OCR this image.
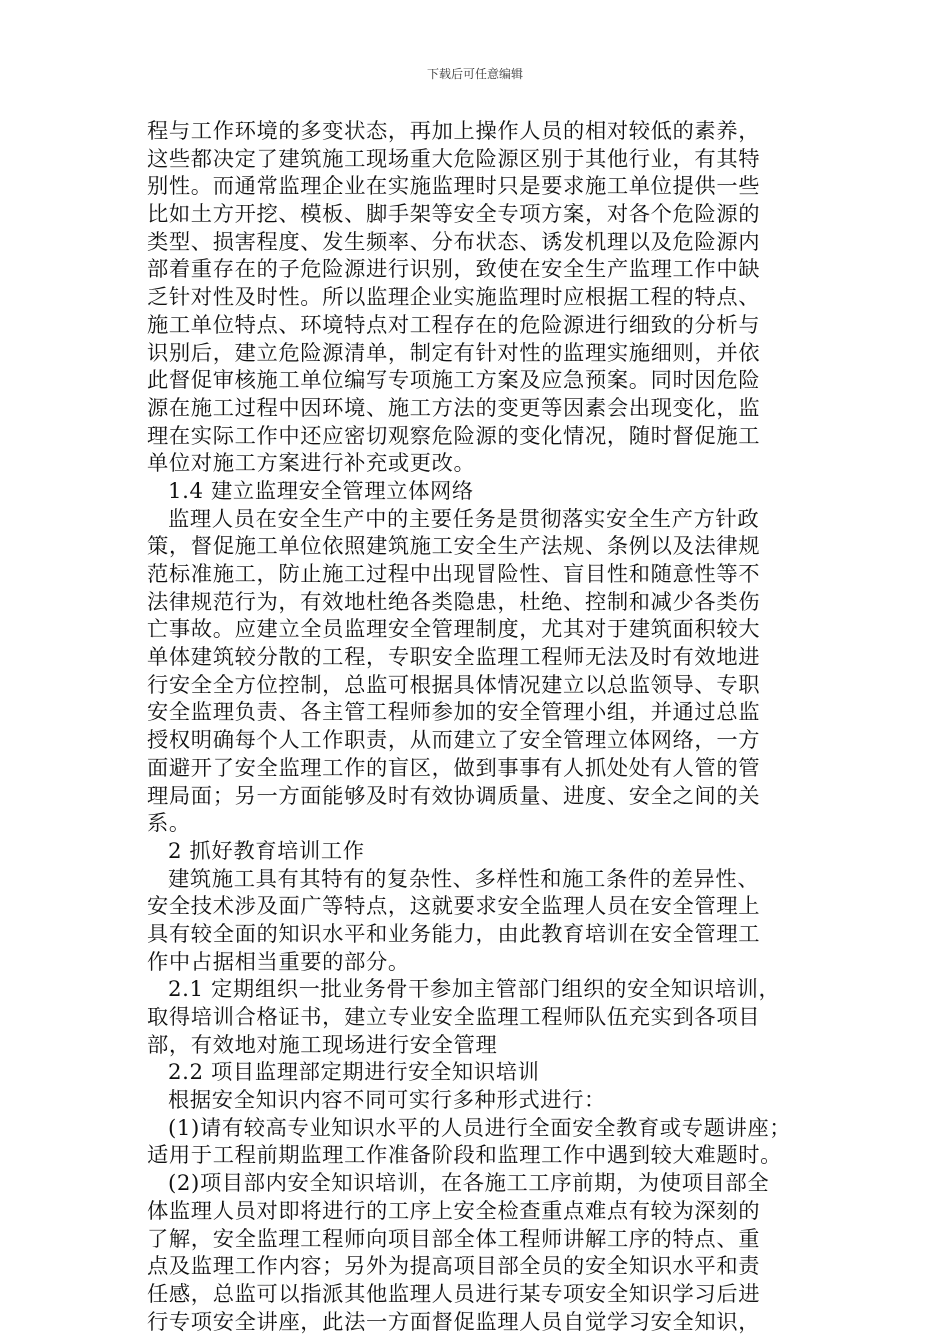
下载后可任意编辑
程与工作环境的多变状态，再加上操作人员的相对较低的素养，
这些都决定了建筑施工现场重大危险源区别于其他行业，有其特
别性。而通常监理企业在实施监理时只是要求施工单位提供一些
比如土方开挖、模板、脚手架等安全专项方案，对各个危险源的
类型、损害程度、发生频率、分布状态、诱发机理以及危险源内
部着重存在的子危险源进行识别，致使在安全生产监理工作中缺
乏针对性及时性。所以监理企业实施监理时应根据工程的特点、
施工单位特点、环境特点对工程存在的危险源进行细致的分析与
识别后，建立危险源清单，制定有针对性的监理实施细则，并依
此督促审核施工单位编写专项施工方案及应急预案。同时因危险
源在施工过程中因环境、施工方法的变更等因素会出现变化，监
理在实际工作中还应密切观察危险源的变化情况，随时督促施工
单位对施工方案进行补充或更改。
1.4 建立监理安全管理立体网络
监理人员在安全生产中的主要任务是贯彻落实安全生产方针政
策，督促施工单位依照建筑施工安全生产法规、条例以及法律规
范标准施工，防止施工过程中出现冒险性、盲目性和随意性等不
法律规范行为，有效地杜绝各类隐患，杜绝、控制和减少各类伤
亡事故。应建立全员监理安全管理制度，尤其对于建筑面积较大
单体建筑较分散的工程，专职安全监理工程师无法及时有效地进
行安全全方位控制，总监可根据具体情况建立以总监领导、专职
安全监理负责、各主管工程师参加的安全管理小组，并通过总监
授权明确每个人工作职责，从而建立了安全管理立体网络，一方
面避开了安全监理工作的盲区，做到事事有人抓处处有人管的管
理局面；另一方面能够及时有效协调质量、进度、安全之间的关
系。
2 抓好教育培训工作
建筑施工具有其特有的复杂性、多样性和施工条件的差异性、
安全技术涉及面广等特点，这就要求安全监理人员在安全管理上
具有较全面的知识水平和业务能力，由此教育培训在安全管理工
作中占据相当重要的部分。
2.1 定期组织一批业务骨干参加主管部门组织的安全知识培训，
取得培训合格证书，建立专业安全监理工程师队伍充实到各项目
部，有效地对施工现场进行安全管理
2.2 项目监理部定期进行安全知识培训
根据安全知识内容不同可实行多种形式进行：
(1)请有较高专业知识水平的人员进行全面安全教育或专题讲座；
适用于工程前期监理工作准备阶段和监理工作中遇到较大难题时。
(2)项目部内安全知识培训，在各施工工序前期，为使项目部全
体监理人员对即将进行的工序上安全检查重点难点有较为深刻的
了解，安全监理工程师向项目部全体工程师讲解工序的特点、重
点及监理工作内容；另外为提高项目部全员的安全知识水平和责
任感，总监可以指派其他监理人员进行某专项安全知识学习后进
行专项安全讲座，此法一方面督促监理人员自觉学习安全知识，
